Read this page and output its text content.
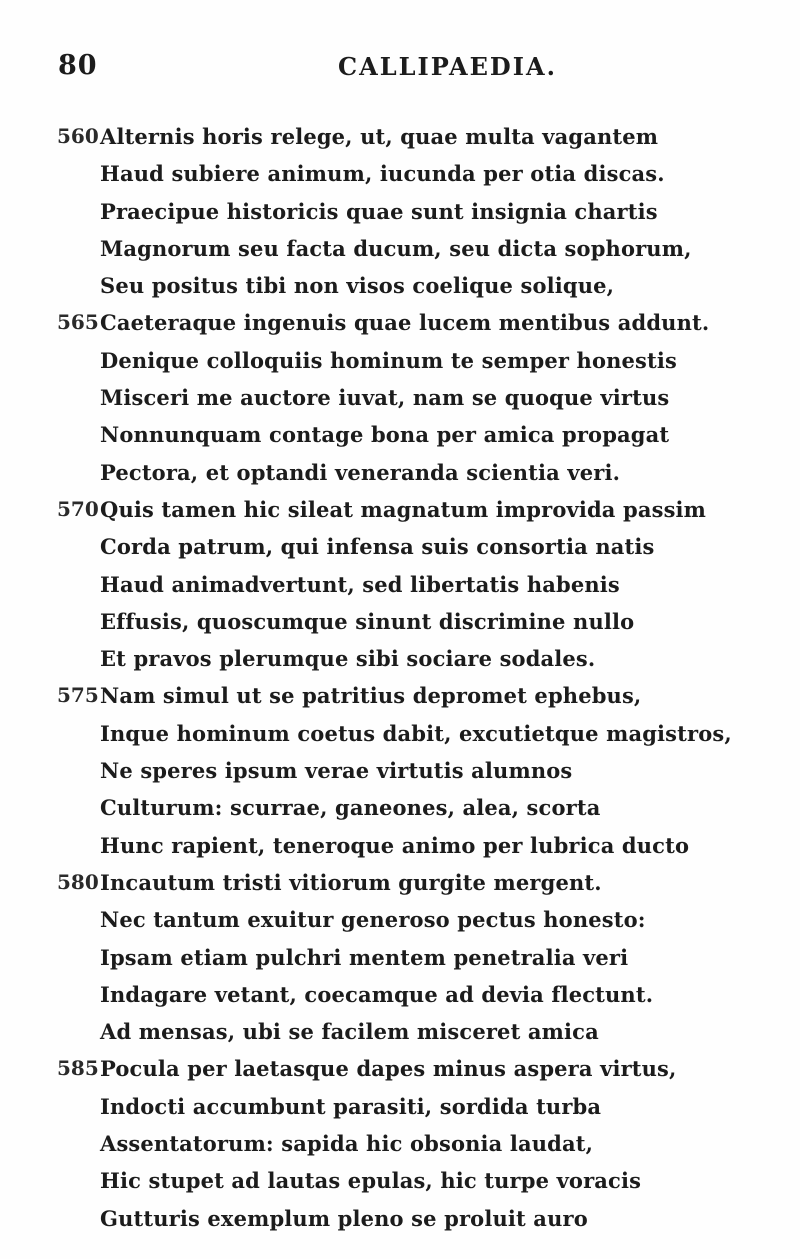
80	CALLIPAEDIA.
560 Alternis horis relege, ut, quae multa vagantem
Haud subiere animum, iucunda per otia discas.
Praecipue historicis quae sunt insignia chartis
Magnorum seu facta ducum, seu dicta sophorum,
Seu positus tibi non visos coelique solique,
565 Caeteraque ingenuis quae lucem mentibus addunt.
Denique colloquiis hominum te semper honestis
Misceri me auctore iuvat, nam se quoque virtus
Nonnunquam contage bona per amica propagat
Pectora, et optandi veneranda scientia veri.
570 Quis tamen hic sileat magnatum improvida passim
Corda patrum, qui infensa suis consortia natis
Haud animadvertunt, sed libertatis habenis
Effusis, quoscumque sinunt discrimine nullo
Et pravos plerumque sibi sociare sodales.
575 Nam simul ut se patritius depromet ephebus,
Inque hominum coetus dabit, excutietque magistros,
Ne speres ipsum verae virtutis alumnos
Culturum: scurrae, ganeones, alea, scorta
Hunc rapient, teneroque animo per lubrica ducto
580 Incautum tristi vitiorum gurgite mergent.
Nec tantum exuitur generoso pectus honesto:
Ipsam etiam pulchri mentem penetralia veri
Indagare vetant, coecamque ad devia flectunt.
Ad mensas, ubi se facilem misceret amica
585 Pocula per laetasque dapes minus aspera virtus,
Indocti accumbunt parasiti, sordida turba
Assentatorum: sapida hic obsonia laudat,
Hic stupet ad lautas epulas, hic turpe voracis
Gutturis exemplum pleno se proluit auro
